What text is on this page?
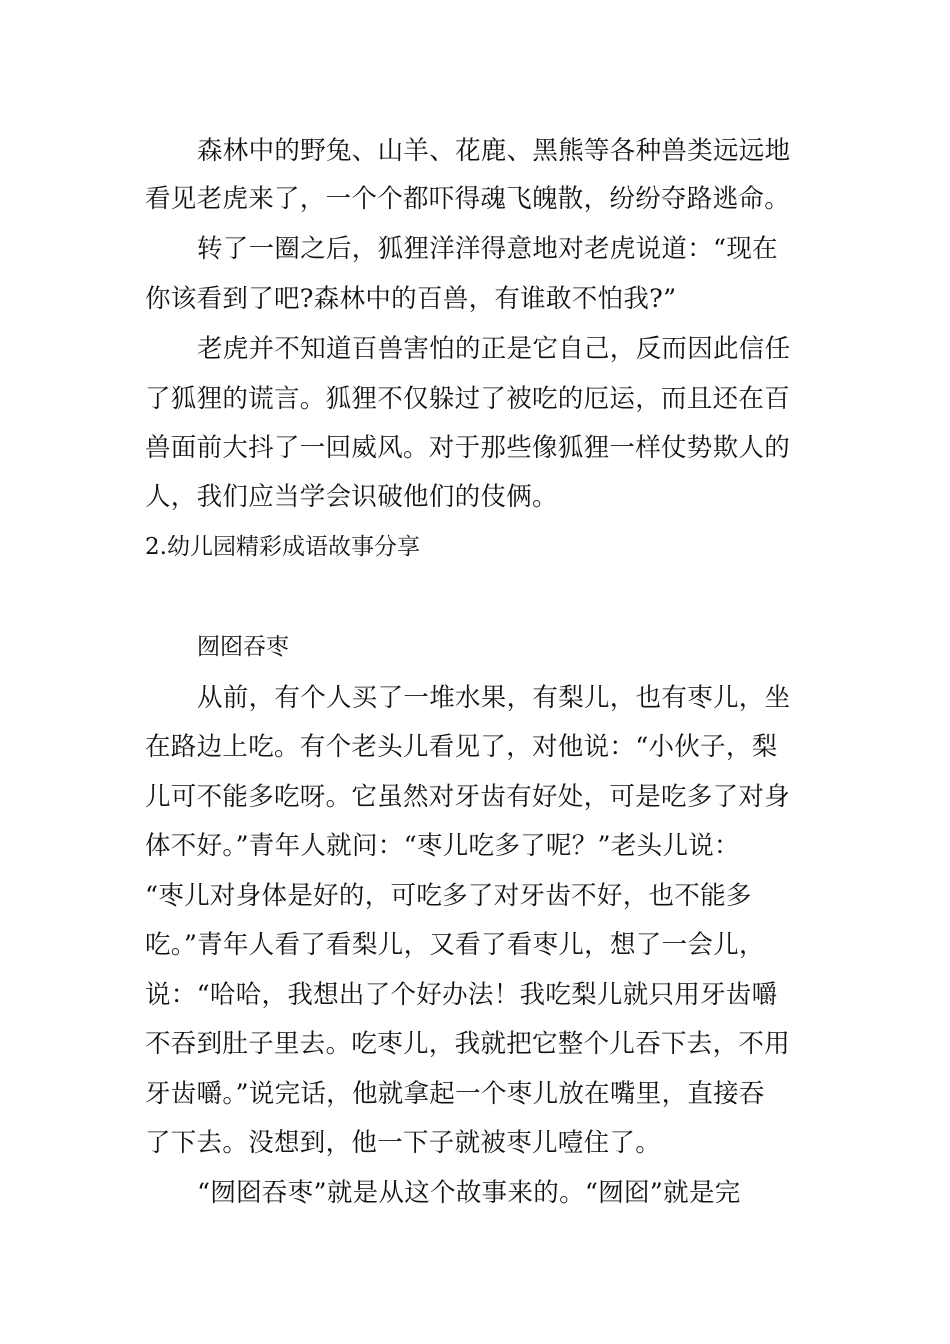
森林中的野兔、山羊、花鹿、黑熊等各种兽类远远地
看见老虎来了，一个个都吓得魂飞魄散，纷纷夺路逃命。
转了一圈之后，狐狸洋洋得意地对老虎说道：“现在
你该看到了吧?森林中的百兽，有谁敢不怕我?”
老虎并不知道百兽害怕的正是它自己，反而因此信任
了狐狸的谎言。狐狸不仅躲过了被吃的厄运，而且还在百
兽面前大抖了一回威风。对于那些像狐狸一样仗势欺人的
人，我们应当学会识破他们的伎俩。
2.幼儿园精彩成语故事分享
囫囵吞枣
从前，有个人买了一堆水果，有梨儿，也有枣儿，坐
在路边上吃。有个老头儿看见了，对他说：“小伙子，梨
儿可不能多吃呀。它虽然对牙齿有好处，可是吃多了对身
体不好。”青年人就问：“枣儿吃多了呢？”老头儿说：
“枣儿对身体是好的，可吃多了对牙齿不好，也不能多
吃。”青年人看了看梨儿，又看了看枣儿，想了一会儿，
说：“哈哈，我想出了个好办法！我吃梨儿就只用牙齿嚼
不吞到肚子里去。吃枣儿，我就把它整个儿吞下去，不用
牙齿嚼。”说完话，他就拿起一个枣儿放在嘴里，直接吞
了下去。没想到，他一下子就被枣儿噎住了。
“囫囵吞枣”就是从这个故事来的。“囫囵”就是完
